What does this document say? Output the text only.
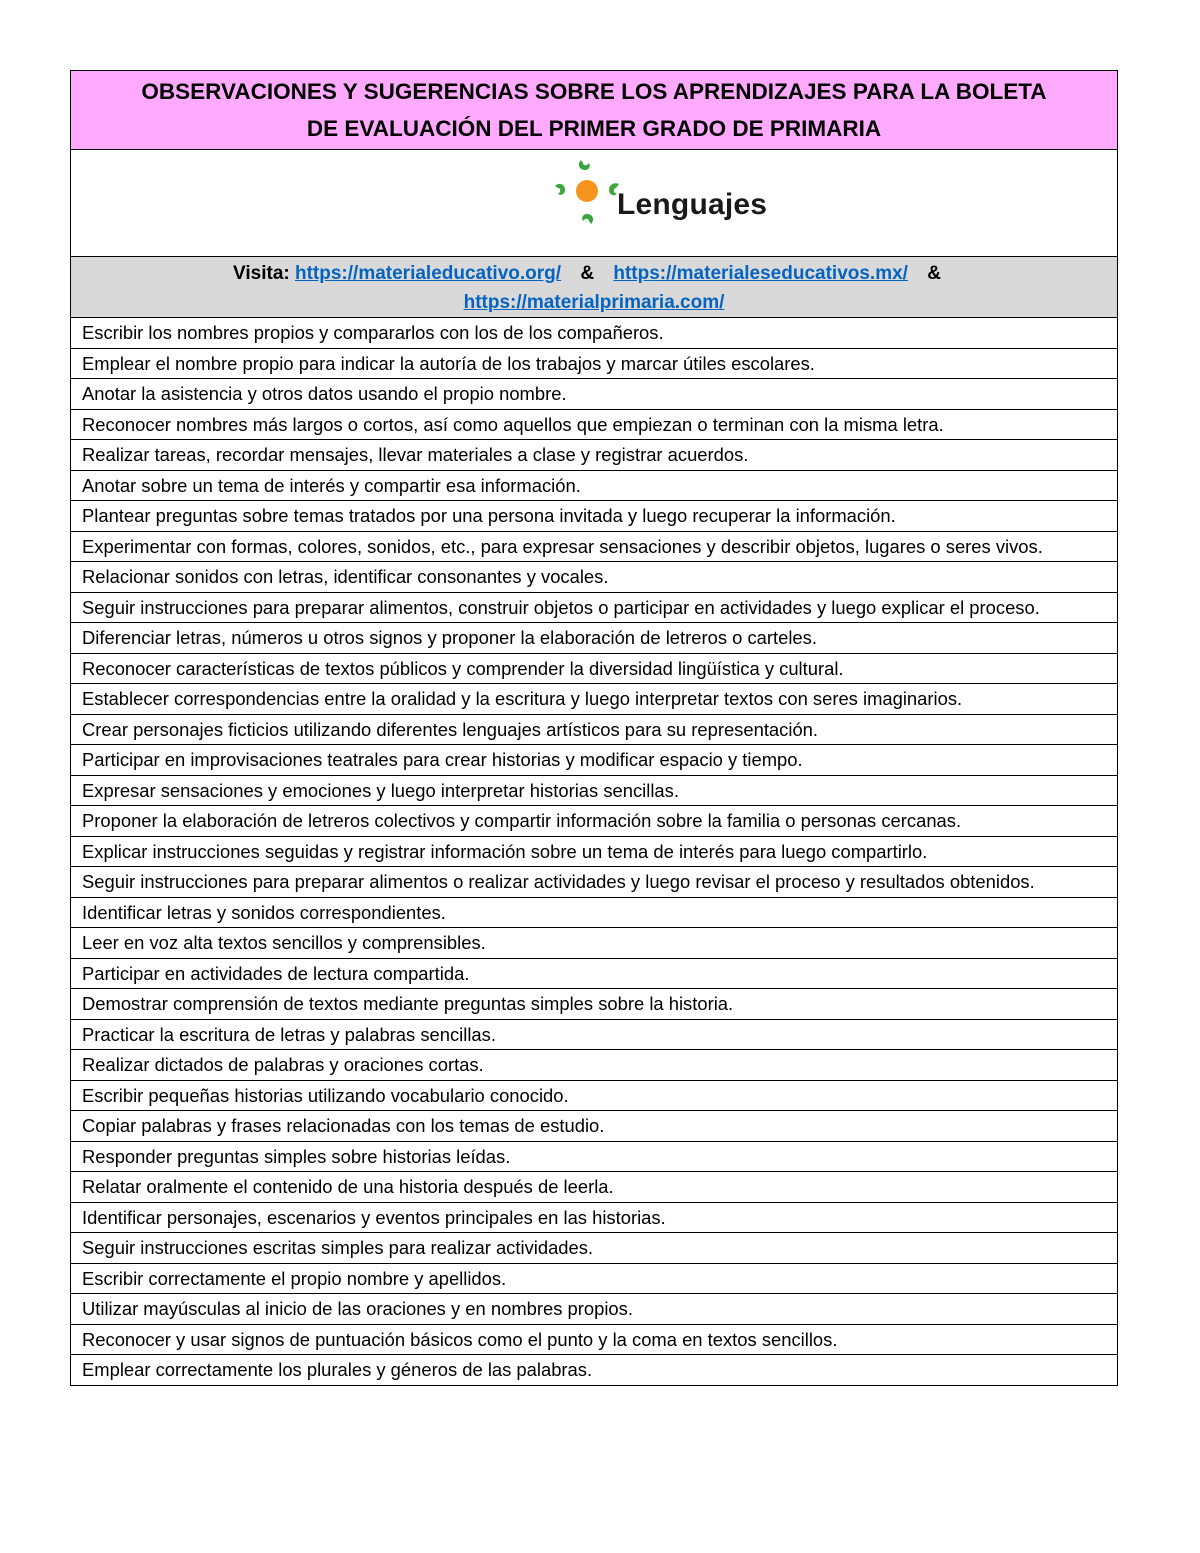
OBSERVACIONES Y SUGERENCIAS SOBRE LOS APRENDIZAJES PARA LA BOLETA
DE EVALUACIÓN DEL PRIMER GRADO DE PRIMARIA

Lenguajes

Visita: https://materialeducativo.org/ & https://materialeseducativos.mx/ &
https://materialprimaria.com/

Escribir los nombres propios y compararlos con los de los compañeros.

Emplear el nombre propio para indicar la autoría de los trabajos y marcar útiles escolares.

Anotar la asistencia y otros datos usando el propio nombre.

Reconocer nombres más largos o cortos, así como aquellos que empiezan o terminan con la misma letra.

Realizar tareas, recordar mensajes, llevar materiales a clase y registrar acuerdos.

Anotar sobre un tema de interés y compartir esa información.

Plantear preguntas sobre temas tratados por una persona invitada y luego recuperar la información.

Experimentar con formas, colores, sonidos, etc., para expresar sensaciones y describir objetos, lugares o seres vivos.

Relacionar sonidos con letras, identificar consonantes y vocales.

Seguir instrucciones para preparar alimentos, construir objetos o participar en actividades y luego explicar el proceso.

Diferenciar letras, números u otros signos y proponer la elaboración de letreros o carteles.

Reconocer características de textos públicos y comprender la diversidad lingüística y cultural.

Establecer correspondencias entre la oralidad y la escritura y luego interpretar textos con seres imaginarios.

Crear personajes ficticios utilizando diferentes lenguajes artísticos para su representación.

Participar en improvisaciones teatrales para crear historias y modificar espacio y tiempo.

Expresar sensaciones y emociones y luego interpretar historias sencillas.

Proponer la elaboración de letreros colectivos y compartir información sobre la familia o personas cercanas.

Explicar instrucciones seguidas y registrar información sobre un tema de interés para luego compartirlo.

Seguir instrucciones para preparar alimentos o realizar actividades y luego revisar el proceso y resultados obtenidos.

Identificar letras y sonidos correspondientes.

Leer en voz alta textos sencillos y comprensibles.

Participar en actividades de lectura compartida.

Demostrar comprensión de textos mediante preguntas simples sobre la historia.

Practicar la escritura de letras y palabras sencillas.

Realizar dictados de palabras y oraciones cortas.

Escribir pequeñas historias utilizando vocabulario conocido.

Copiar palabras y frases relacionadas con los temas de estudio.

Responder preguntas simples sobre historias leídas.

Relatar oralmente el contenido de una historia después de leerla.

Identificar personajes, escenarios y eventos principales en las historias.

Seguir instrucciones escritas simples para realizar actividades.

Escribir correctamente el propio nombre y apellidos.

Utilizar mayúsculas al inicio de las oraciones y en nombres propios.

Reconocer y usar signos de puntuación básicos como el punto y la coma en textos sencillos.

Emplear correctamente los plurales y géneros de las palabras.
